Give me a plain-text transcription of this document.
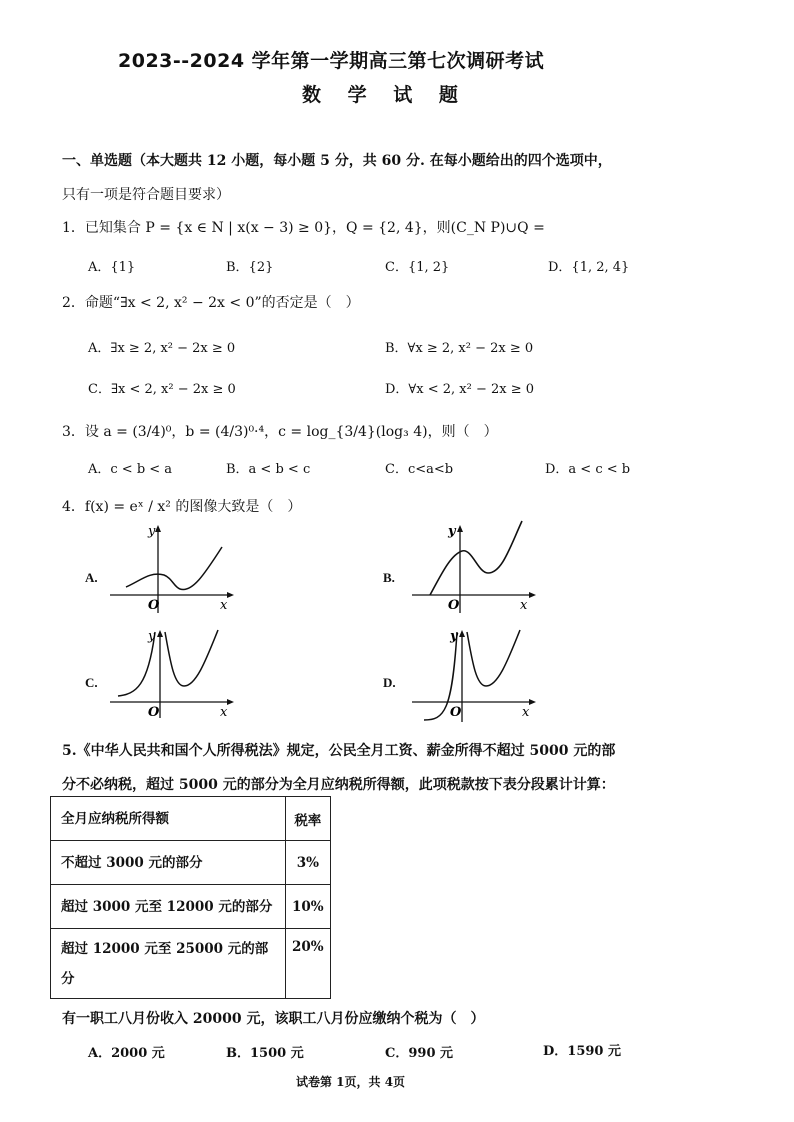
2023--2024 学年第一学期高三第七次调研考试
数 学 试 题
一、单选题（本大题共 12 小题，每小题 5 分，共 60 分. 在每小题给出的四个选项中，
只有一项是符合题目要求）
1．已知集合 P = {x ∈ N | x(x − 3) ≥ 0}，Q = {2, 4}，则(C_N P)∪Q =
A．{1}	B．{2}	C．{1, 2}	D．{1, 2, 4}
2．命题“∃x < 2, x² − 2x < 0”的否定是（　）
A．∃x ≥ 2, x² − 2x ≥ 0	B．∀x ≥ 2, x² − 2x ≥ 0
C．∃x < 2, x² − 2x ≥ 0	D．∀x < 2, x² − 2x ≥ 0
3．设 a = (3/4)⁰，b = (4/3)⁰·⁴，c = log_{3/4}(log₃ 4)，则（　）
A．c < b < a	B．a < b < c	C．c<a<b	D．a < c < b
4．f(x) = eˣ / x² 的图像大致是（　）
A.	B.
C.	D.
y
x
O
y
x
O
y
x
O
y
x
O
5.《中华人民共和国个人所得税法》规定，公民全月工资、薪金所得不超过 5000 元的部
分不必纳税，超过 5000 元的部分为全月应纳税所得额，此项税款按下表分段累计计算：
全月应纳税所得额	税率
不超过 3000 元的部分	3%
超过 3000 元至 12000 元的部分	10%
超过 12000 元至 25000 元的部分	20%
有一职工八月份收入 20000 元，该职工八月份应缴纳个税为（　）
A．2000 元	B．1500 元	C．990 元	D．1590 元
试卷第 1页，共 4页
